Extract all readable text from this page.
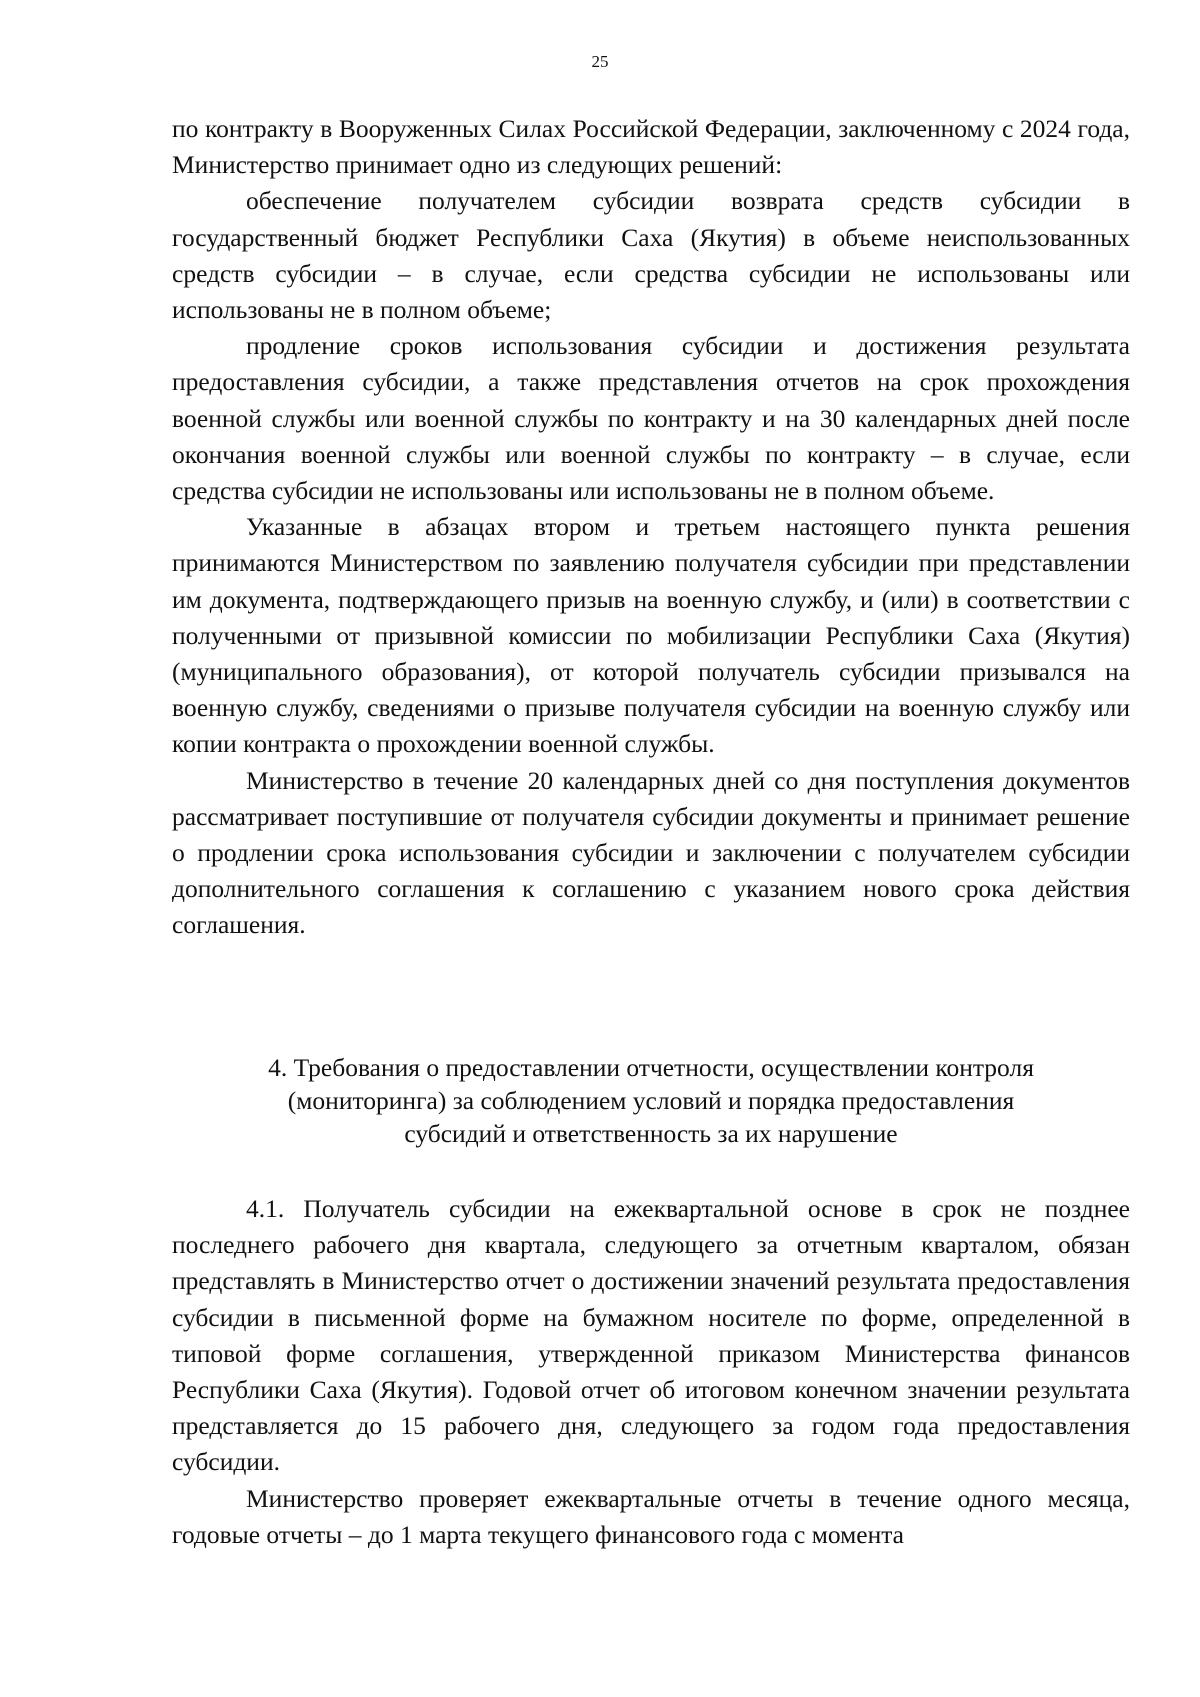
25

по контракту в Вооруженных Силах Российской Федерации, заключенному с 2024 года, Министерство принимает одно из следующих решений:

обеспечение получателем субсидии возврата средств субсидии в государственный бюджет Республики Саха (Якутия) в объеме неиспользованных средств субсидии – в случае, если средства субсидии не использованы или использованы не в полном объеме;

продление сроков использования субсидии и достижения результата предоставления субсидии, а также представления отчетов на срок прохождения военной службы или военной службы по контракту и на 30 календарных дней после окончания военной службы или военной службы по контракту – в случае, если средства субсидии не использованы или использованы не в полном объеме.

Указанные в абзацах втором и третьем настоящего пункта решения принимаются Министерством по заявлению получателя субсидии при представлении им документа, подтверждающего призыв на военную службу, и (или) в соответствии с полученными от призывной комиссии по мобилизации Республики Саха (Якутия) (муниципального образования), от которой получатель субсидии призывался на военную службу, сведениями о призыве получателя субсидии на военную службу или копии контракта о прохождении военной службы.

Министерство в течение 20 календарных дней со дня поступления документов рассматривает поступившие от получателя субсидии документы и принимает решение о продлении срока использования субсидии и заключении с получателем субсидии дополнительного соглашения к соглашению с указанием нового срока действия соглашения.

4. Требования о предоставлении отчетности, осуществлении контроля
(мониторинга) за соблюдением условий и порядка предоставления
субсидий и ответственность за их нарушение

4.1. Получатель субсидии на ежеквартальной основе в срок не позднее последнего рабочего дня квартала, следующего за отчетным кварталом, обязан представлять в Министерство отчет о достижении значений результата предоставления субсидии в письменной форме на бумажном носителе по форме, определенной в типовой форме соглашения, утвержденной приказом Министерства финансов Республики Саха (Якутия). Годовой отчет об итоговом конечном значении результата представляется до 15 рабочего дня, следующего за годом года предоставления субсидии.

Министерство проверяет ежеквартальные отчеты в течение одного месяца, годовые отчеты – до 1 марта текущего финансового года с момента
